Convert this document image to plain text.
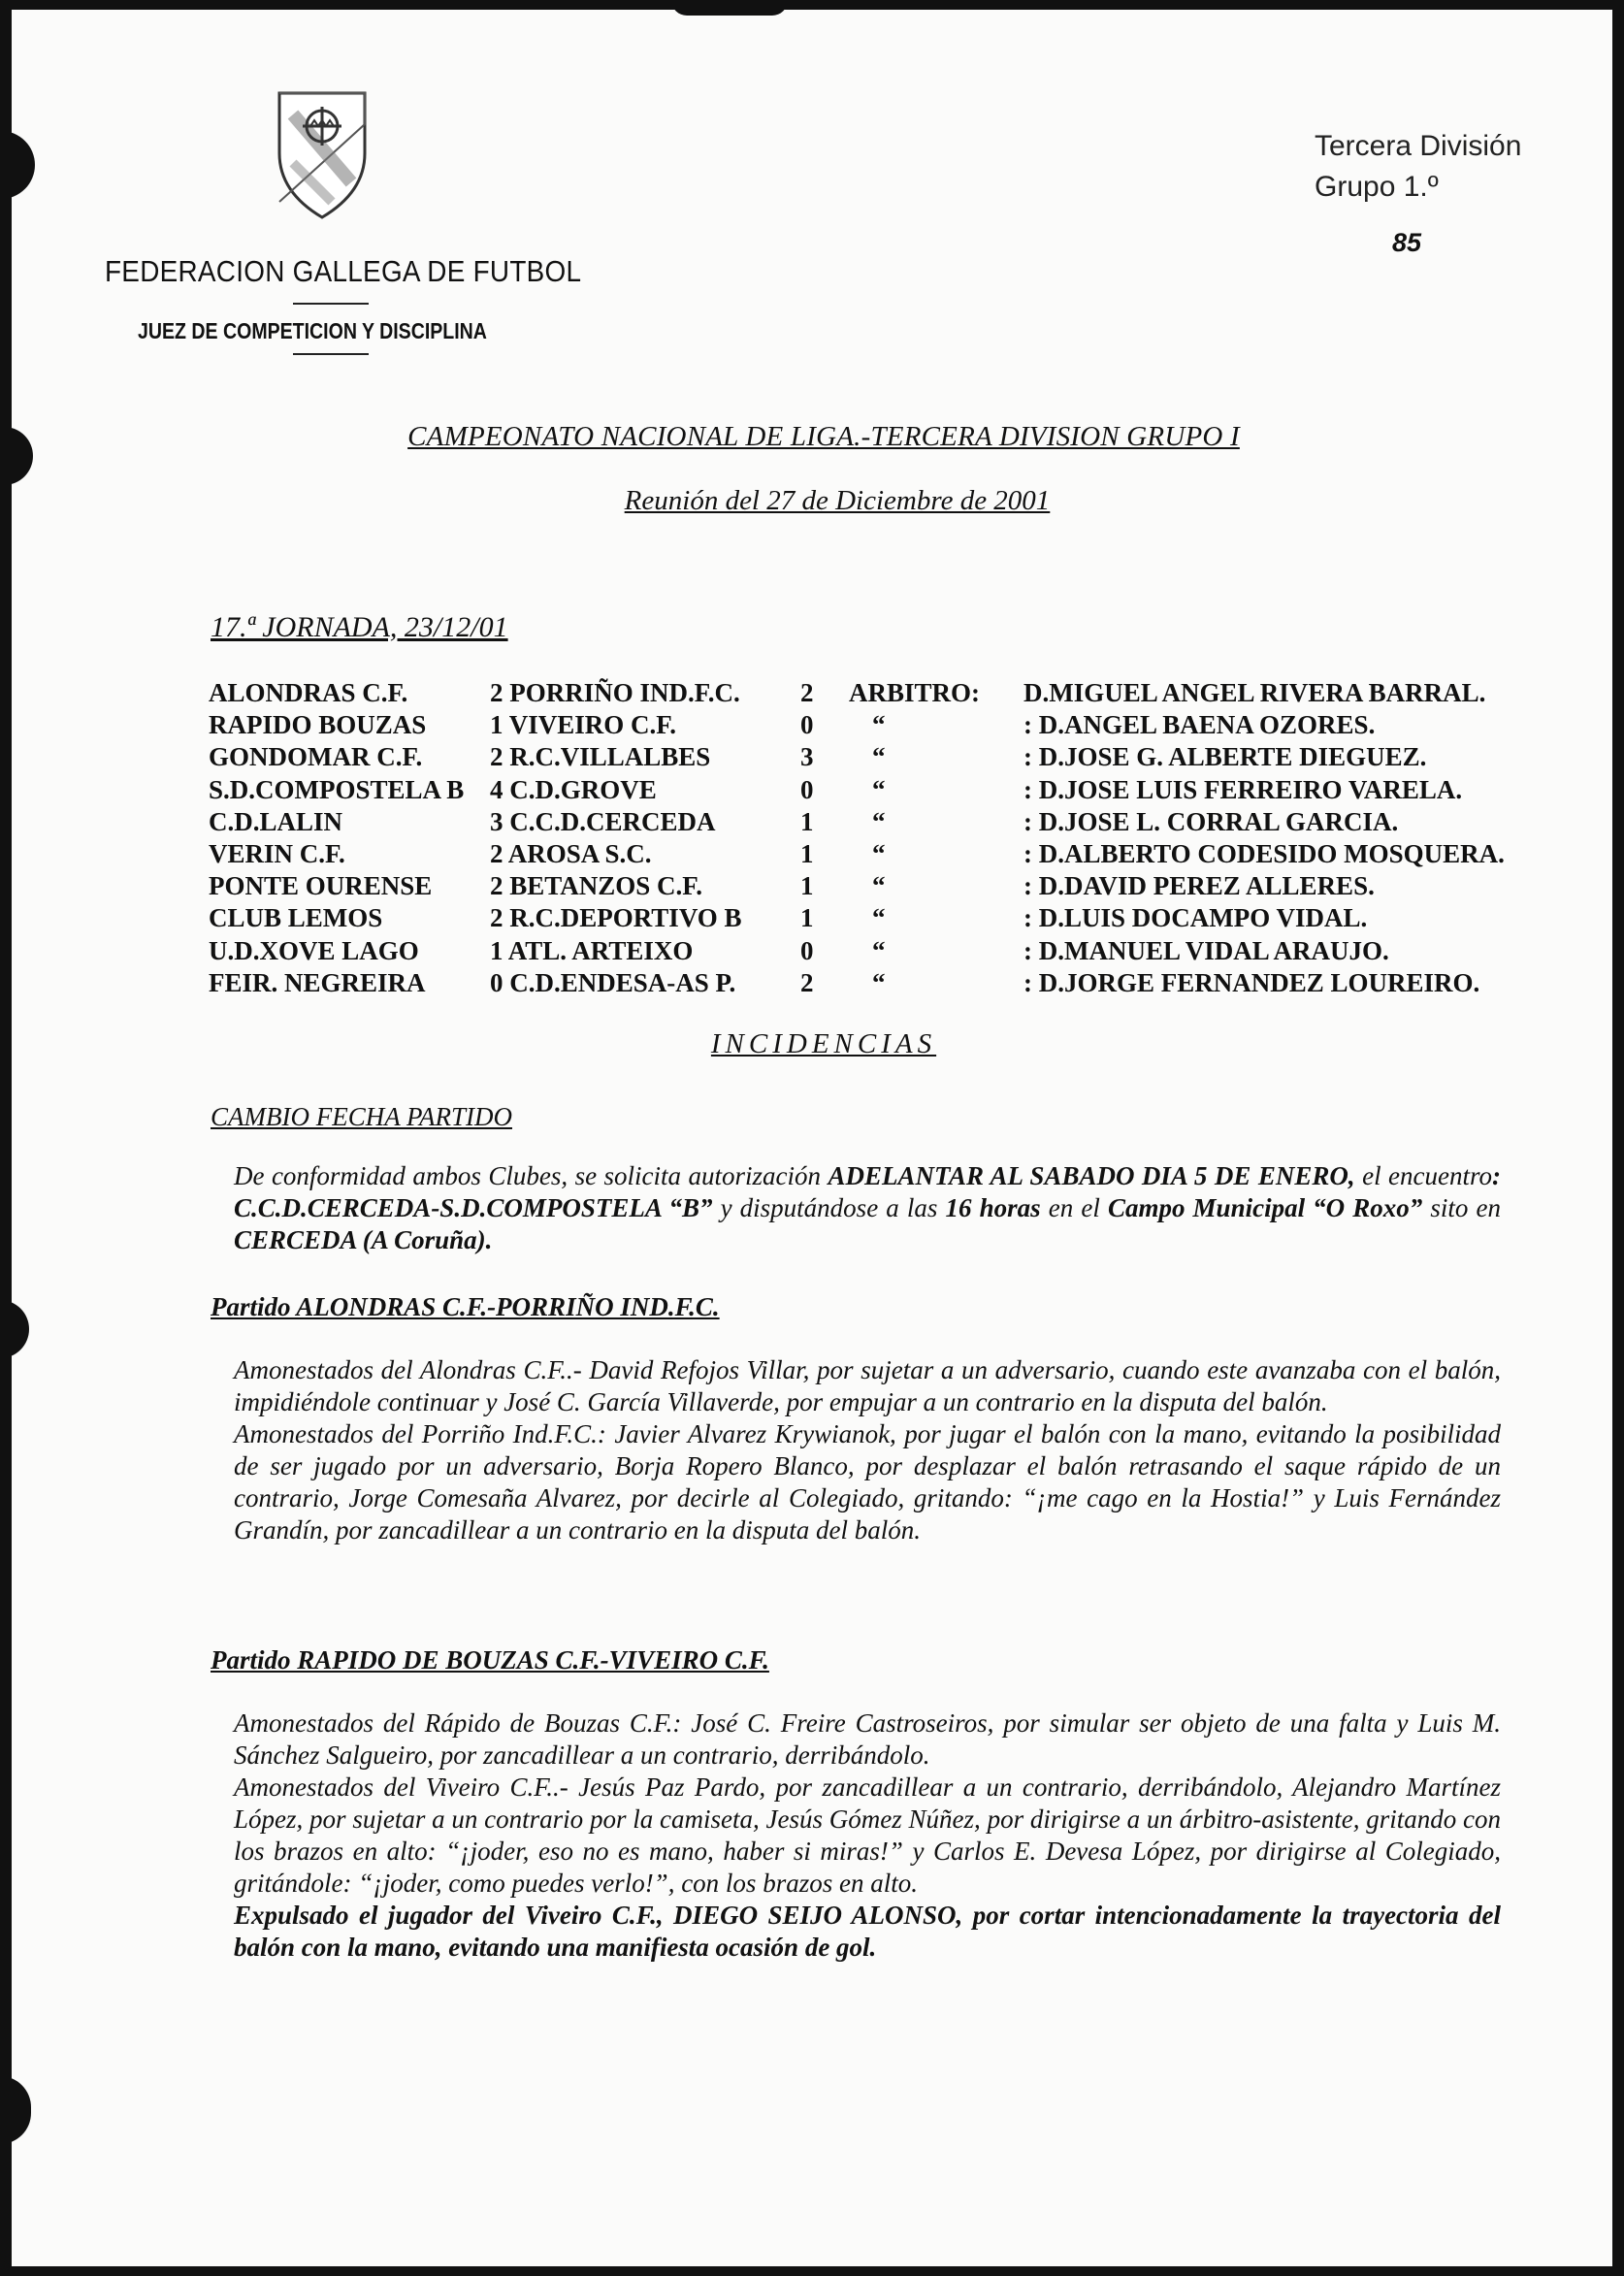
FEDERACION GALLEGA DE FUTBOL
JUEZ DE COMPETICION Y DISCIPLINA
Tercera División
Grupo 1.º
85
CAMPEONATO NACIONAL DE LIGA.-TERCERA DIVISION GRUPO I
Reunión del 27 de Diciembre de 2001
17.ª JORNADA, 23/12/01
ALONDRAS C.F.	2 PORRIÑO IND.F.C.	2	ARBITRO:	D.MIGUEL ANGEL RIVERA BARRAL.
RAPIDO BOUZAS	1 VIVEIRO C.F.	0	“	: D.ANGEL BAENA OZORES.
GONDOMAR C.F.	2 R.C.VILLALBES	3	“	: D.JOSE G. ALBERTE DIEGUEZ.
S.D.COMPOSTELA B	4 C.D.GROVE	0	“	: D.JOSE LUIS FERREIRO VARELA.
C.D.LALIN	3 C.C.D.CERCEDA	1	“	: D.JOSE L. CORRAL GARCIA.
VERIN C.F.	2 AROSA S.C.	1	“	: D.ALBERTO CODESIDO MOSQUERA.
PONTE OURENSE	2 BETANZOS C.F.	1	“	: D.DAVID PEREZ ALLERES.
CLUB LEMOS	2 R.C.DEPORTIVO B	1	“	: D.LUIS DOCAMPO VIDAL.
U.D.XOVE LAGO	1 ATL. ARTEIXO	0	“	: D.MANUEL VIDAL ARAUJO.
FEIR. NEGREIRA	0 C.D.ENDESA-AS P.	2	“	: D.JORGE FERNANDEZ LOUREIRO.
INCIDENCIAS
CAMBIO FECHA PARTIDO
De conformidad ambos Clubes, se solicita autorización ADELANTAR AL SABADO DIA 5 DE ENERO, el encuentro: C.C.D.CERCEDA-S.D.COMPOSTELA “B” y disputándose a las 16 horas en el Campo Municipal “O Roxo” sito en CERCEDA (A Coruña).
Partido ALONDRAS C.F.-PORRIÑO IND.F.C.
Amonestados del Alondras C.F..- David Refojos Villar, por sujetar a un adversario, cuando este avanzaba con el balón, impidiéndole continuar y José C. García Villaverde, por empujar a un contrario en la disputa del balón.
Amonestados del Porriño Ind.F.C.: Javier Alvarez Krywianok, por jugar el balón con la mano, evitando la posibilidad de ser jugado por un adversario, Borja Ropero Blanco, por desplazar el balón retrasando el saque rápido de un contrario, Jorge Comesaña Alvarez, por decirle al Colegiado, gritando: “¡me cago en la Hostia!” y Luis Fernández Grandín, por zancadillear a un contrario en la disputa del balón.
Partido RAPIDO DE BOUZAS C.F.-VIVEIRO C.F.
Amonestados del Rápido de Bouzas C.F.: José C. Freire Castroseiros, por simular ser objeto de una falta y Luis M. Sánchez Salgueiro, por zancadillear a un contrario, derribándolo.
Amonestados del Viveiro C.F..- Jesús Paz Pardo, por zancadillear a un contrario, derribándolo, Alejandro Martínez López, por sujetar a un contrario por la camiseta, Jesús Gómez Núñez, por dirigirse a un árbitro-asistente, gritando con los brazos en alto: “¡joder, eso no es mano, haber si miras!” y Carlos E. Devesa López, por dirigirse al Colegiado, gritándole: “¡joder, como puedes verlo!”, con los brazos en alto.
Expulsado el jugador del Viveiro C.F., DIEGO SEIJO ALONSO, por cortar intencionadamente la trayectoria del balón con la mano, evitando una manifiesta ocasión de gol.
